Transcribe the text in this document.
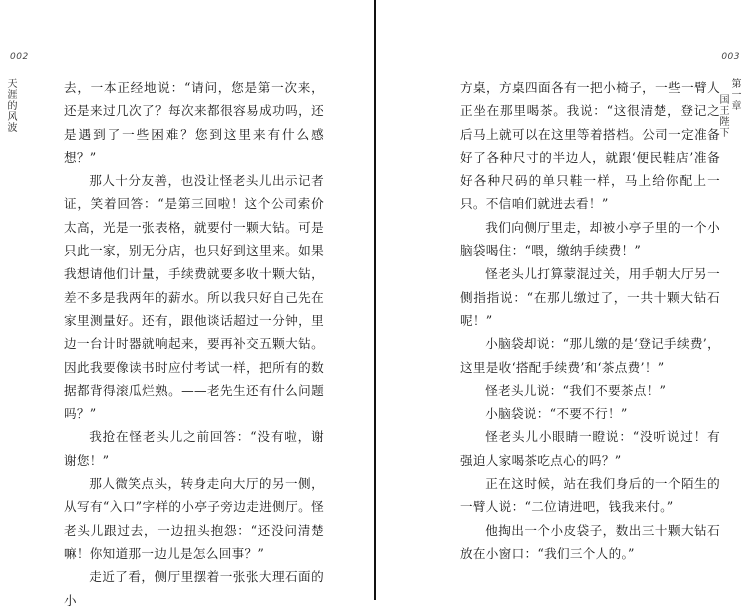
002
天涯的风波	去，一本正经地说：“请问，您是第一次来，还是来过几次了？每次来都很容易成功吗，还是遇到了一些困难？您到这里来有什么感想？”

那人十分友善，也没让怪老头儿出示记者证，笑着回答：“是第三回啦！这个公司索价太高，光是一张表格，就要付一颗大钻。可是只此一家，别无分店，也只好到这里来。如果我想请他们计量，手续费就要多收十颗大钻，差不多是我两年的薪水。所以我只好自己先在家里测量好。还有，跟他谈话超过一分钟，里边一台计时器就响起来，要再补交五颗大钻。因此我要像读书时应付考试一样，把所有的数据都背得滚瓜烂熟。——老先生还有什么问题吗？”

我抢在怪老头儿之前回答：“没有啦，谢谢您！”

那人微笑点头，转身走向大厅的另一侧，从写有“入口”字样的小亭子旁边走进侧厅。怪老头儿跟过去，一边扭头抱怨：“还没问清楚嘛！你知道那一边儿是怎么回事？”

走近了看，侧厅里摆着一张张大理石面的小

003
第一章
国王陛下

方桌，方桌四面各有一把小椅子，一些一臂人正坐在那里喝茶。我说：“这很清楚，登记之后马上就可以在这里等着搭档。公司一定准备好了各种尺寸的半边人，就跟‘便民鞋店’准备好各种尺码的单只鞋一样，马上给你配上一只。不信咱们就进去看！”

我们向侧厅里走，却被小亭子里的一个小脑袋喝住：“喂，缴纳手续费！”

怪老头儿打算蒙混过关，用手朝大厅另一侧指指说：“在那儿缴过了，一共十颗大钻石呢！”

小脑袋却说：“那儿缴的是‘登记手续费’，这里是收‘搭配手续费’和‘茶点费’！”

怪老头儿说：“我们不要茶点！”

小脑袋说：“不要不行！”

怪老头儿小眼睛一瞪说：“没听说过！有强迫人家喝茶吃点心的吗？”

正在这时候，站在我们身后的一个陌生的一臂人说：“二位请进吧，钱我来付。”

他掏出一个小皮袋子，数出三十颗大钻石放在小窗口：“我们三个人的。”
